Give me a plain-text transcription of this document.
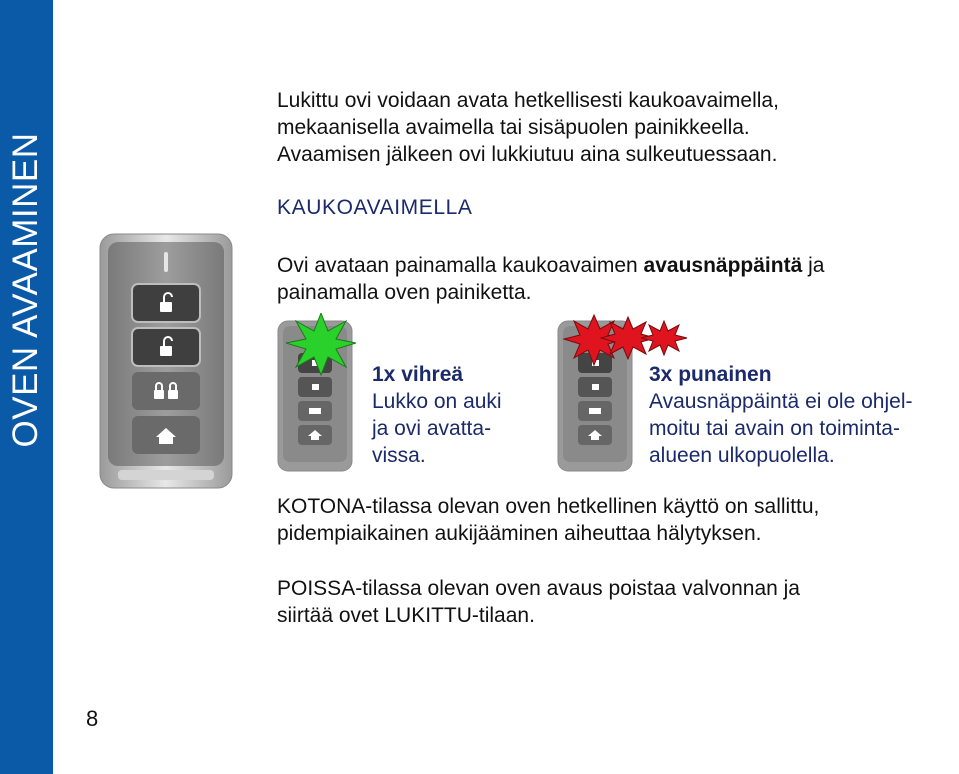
OVEN AVAAMINEN
8
Lukittu ovi voidaan avata hetkellisesti kaukoavaimella,
mekaanisella avaimella tai sisäpuolen painikkeella.
Avaamisen jälkeen ovi lukkiutuu aina sulkeutuessaan.
KAUKOAVAIMELLA
Ovi avataan painamalla kaukoavaimen avausnäppäintä ja
painamalla oven painiketta.
1x vihreä
Lukko on auki
ja ovi avatta-
vissa.
3x punainen
Avausnäppäintä ei ole ohjel-
moitu tai avain on toiminta-
alueen ulkopuolella.
KOTONA-tilassa olevan oven hetkellinen käyttö on sallittu,
pidempiaikainen aukijääminen aiheuttaa hälytyksen.
POISSA-tilassa olevan oven avaus poistaa valvonnan ja
siirtää ovet LUKITTU-tilaan.
